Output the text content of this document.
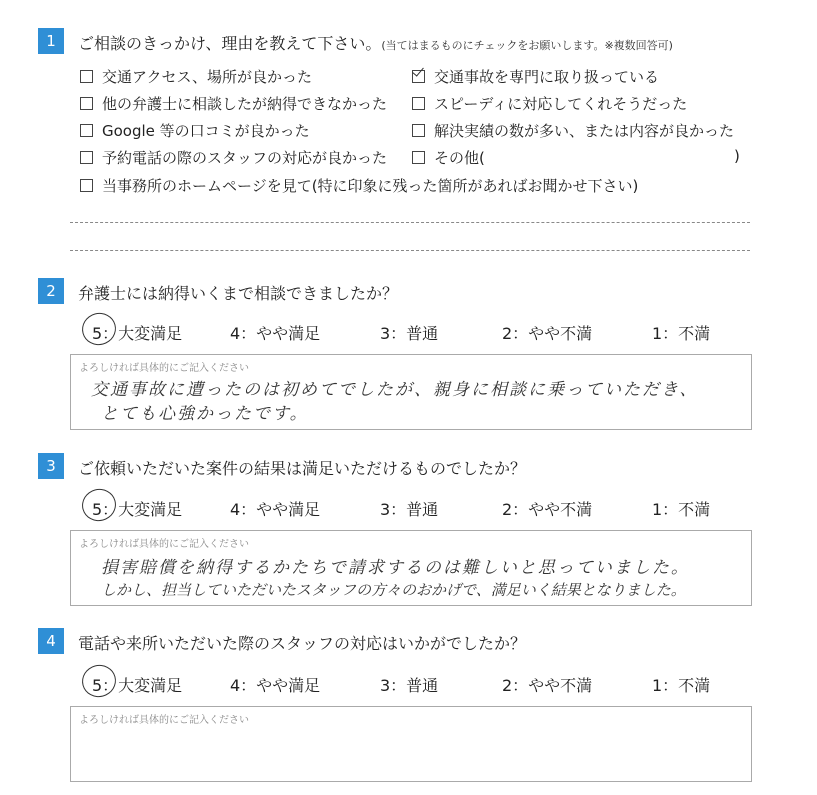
1	ご相談のきっかけ、理由を教えて下さい。(当てはまるものにチェックをお願いします。※複数回答可)
交通アクセス、場所が良かった
他の弁護士に相談したが納得できなかった
Google 等の口コミが良かった
予約電話の際のスタッフの対応が良かった
当事務所のホームページを見て(特に印象に残った箇所があればお聞かせ下さい)
交通事故を専門に取り扱っている
スピーディに対応してくれそうだった
解決実績の数が多い、または内容が良かった
その他(	)
2	弁護士には納得いくまで相談できましたか？
5：大変満足	4：やや満足	3：普通	2：やや不満	1：不満
よろしければ具体的にご記入ください
交通事故に遭ったのは初めてでしたが、親身に相談に乗っていただき、
とても心強かったです。
3	ご依頼いただいた案件の結果は満足いただけるものでしたか？
5：大変満足	4：やや満足	3：普通	2：やや不満	1：不満
よろしければ具体的にご記入ください
損害賠償を納得するかたちで請求するのは難しいと思っていました。
しかし、担当していただいたスタッフの方々のおかげで、満足いく結果となりました。
4	電話や来所いただいた際のスタッフの対応はいかがでしたか？
5：大変満足	4：やや満足	3：普通	2：やや不満	1：不満
よろしければ具体的にご記入ください
